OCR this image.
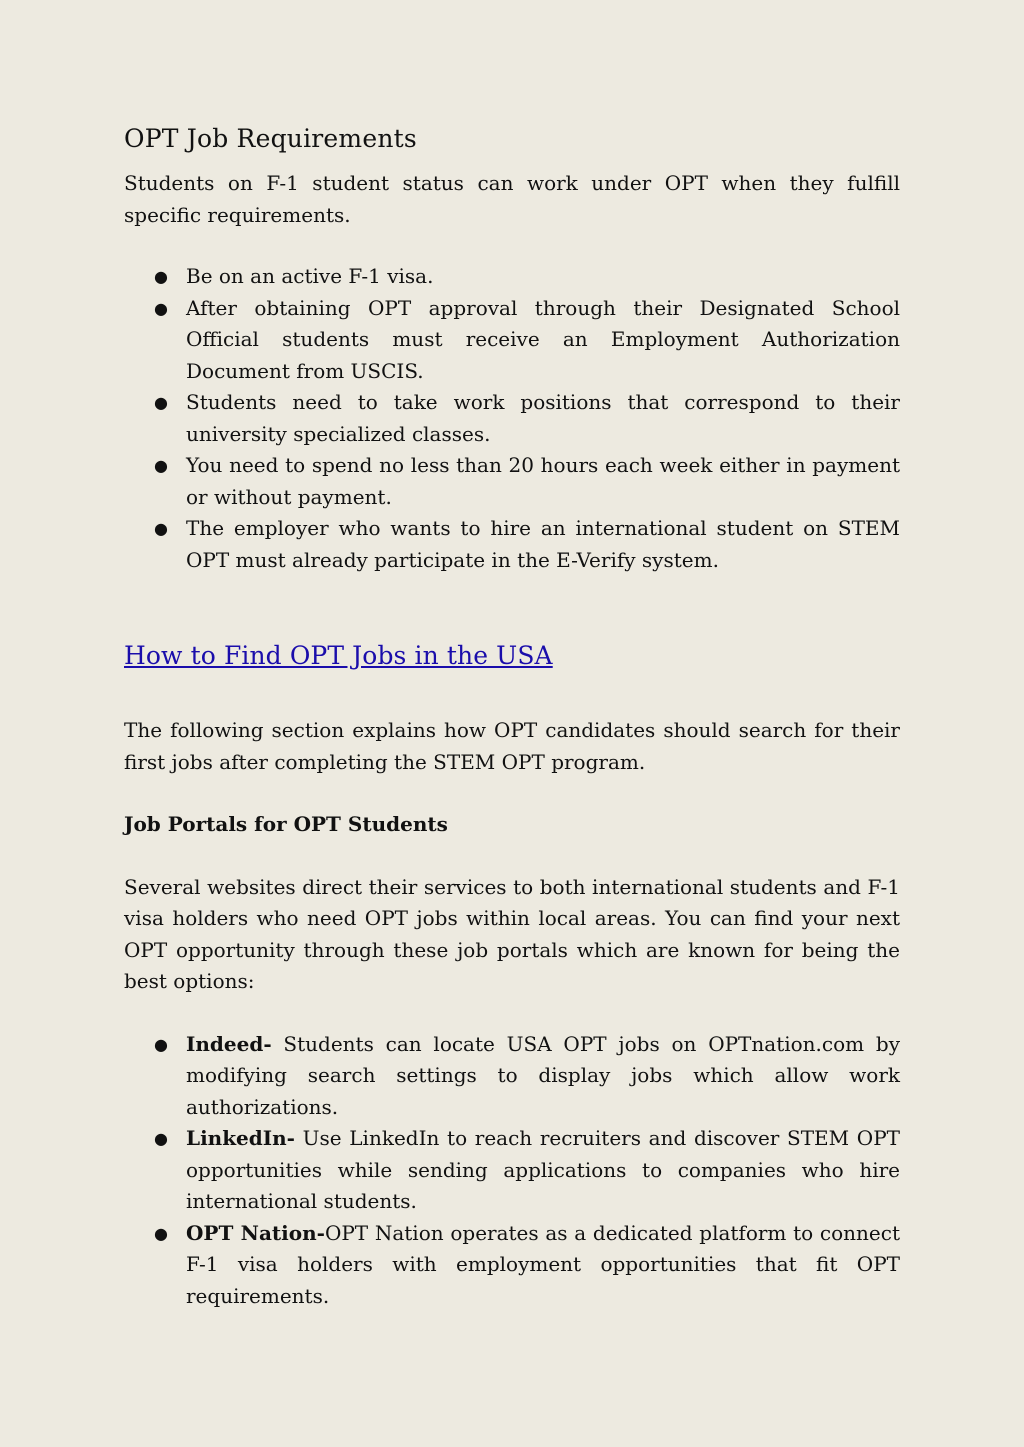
OPT Job Requirements

Students on F-1 student status can work under OPT when they fulfill specific requirements.

● Be on an active F-1 visa.
● After obtaining OPT approval through their Designated School Official students must receive an Employment Authorization Document from USCIS.
● Students need to take work positions that correspond to their university specialized classes.
● You need to spend no less than 20 hours each week either in payment or without payment.
● The employer who wants to hire an international student on STEM OPT must already participate in the E-Verify system.
How to Find OPT Jobs in the USA

The following section explains how OPT candidates should search for their first jobs after completing the STEM OPT program.

Job Portals for OPT Students

Several websites direct their services to both international students and F-1 visa holders who need OPT jobs within local areas. You can find your next OPT opportunity through these job portals which are known for being the best options:

● Indeed- Students can locate USA OPT jobs on OPTnation.com by modifying search settings to display jobs which allow work authorizations.
● LinkedIn- Use LinkedIn to reach recruiters and discover STEM OPT opportunities while sending applications to companies who hire international students.
● OPT Nation-OPT Nation operates as a dedicated platform to connect F-1 visa holders with employment opportunities that fit OPT requirements.
